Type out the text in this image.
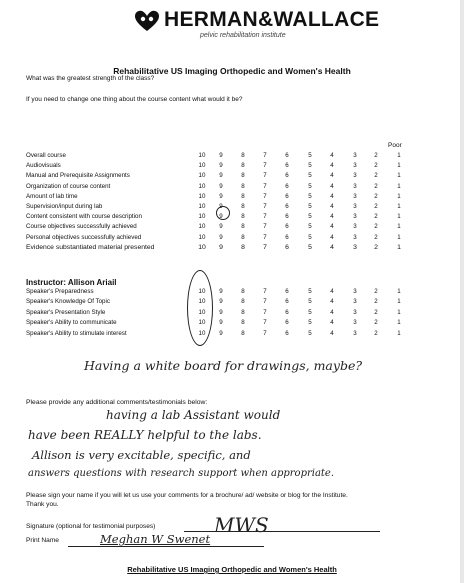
HERMAN&WALLACE
pelvic rehabilitation institute
Rehabilitative US Imaging Orthopedic and Women's Health
What was the greatest strength of the class?
If you need to change one thing about the course content what would it be?
Poor
Overall course	10	9	8	7	6	5	4	3	2	1
Audiovisuals	10	9	8	7	6	5	4	3	2	1
Manual and Prerequisite Assignments	10	9	8	7	6	5	4	3	2	1
Organization of course content	10	9	8	7	6	5	4	3	2	1
Amount of lab time	10	9	8	7	6	5	4	3	2	1
Supervision/input during lab	10	9	8	7	6	5	4	3	2	1
Content consistent with course description	10	9	8	7	6	5	4	3	2	1
Course objectives successfully achieved	10	9	8	7	6	5	4	3	2	1
Personal objectives successfully achieved	10	9	8	7	6	5	4	3	2	1
Evidence substantiated material presented	10	9	8	7	6	5	4	3	2	1
Instructor: Allison Ariail
Speaker's Preparedness	10	9	8	7	6	5	4	3	2	1
Speaker's Knowledge Of Topic	10	9	8	7	6	5	4	3	2	1
Speaker's Presentation Style	10	9	8	7	6	5	4	3	2	1
Speaker's Ability to communicate	10	9	8	7	6	5	4	3	2	1
Speaker's Ability to stimulate interest	10	9	8	7	6	5	4	3	2	1
Having a white board for drawings, maybe?
Please provide any additional comments/testimonials below:
having a lab Assistant would
have been REALLY helpful to the labs.
Allison is very excitable, specific, and
answers questions with research support when appropriate.
Please sign your name if you will let us use your comments for a brochure/ ad/ website or blog for the Institute.
Thank you.
Signature (optional for testimonial purposes)	MWS
Print Name	Meghan W Swenet
Rehabilitative US Imaging Orthopedic and Women's Health
